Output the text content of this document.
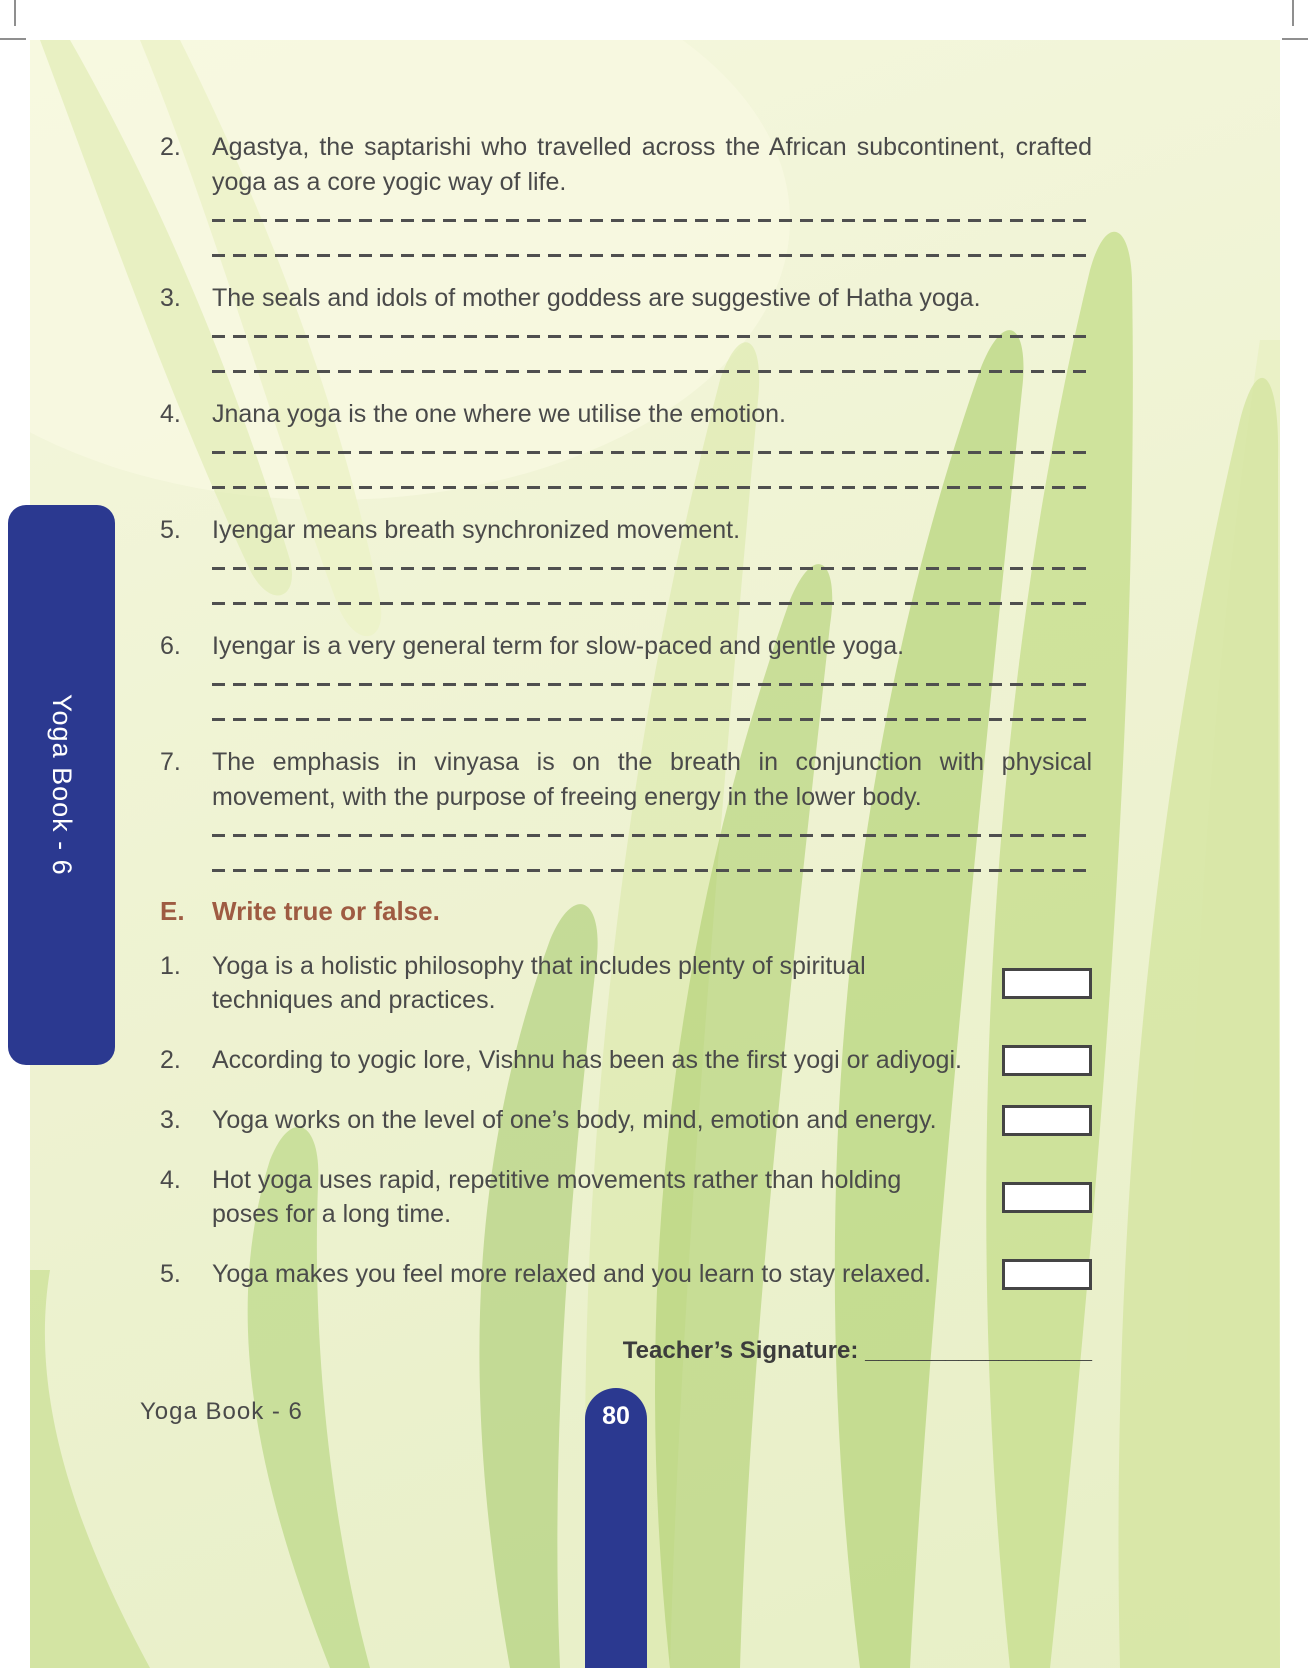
2.	Agastya, the saptarishi who travelled across the African subcontinent, crafted yoga as a core yogic way of life.
3.	The seals and idols of mother goddess are suggestive of Hatha yoga.
4.	Jnana yoga is the one where we utilise the emotion.
5.	Iyengar means breath synchronized movement.
6.	Iyengar is a very general term for slow-paced and gentle yoga.
7.	The emphasis in vinyasa is on the breath in conjunction with physical movement, with the purpose of freeing energy in the lower body.
E.	Write true or false.
1.	Yoga is a holistic philosophy that includes plenty of spiritual techniques and practices.
2.	According to yogic lore, Vishnu has been as the first yogi or adiyogi.
3.	Yoga works on the level of one’s body, mind, emotion and energy.
4.	Hot yoga uses rapid, repetitive movements rather than holding poses for a long time.
5.	Yoga makes you feel more relaxed and you learn to stay relaxed.
Teacher’s Signature: _________________
Yoga Book - 6	80
Yoga Book - 6
